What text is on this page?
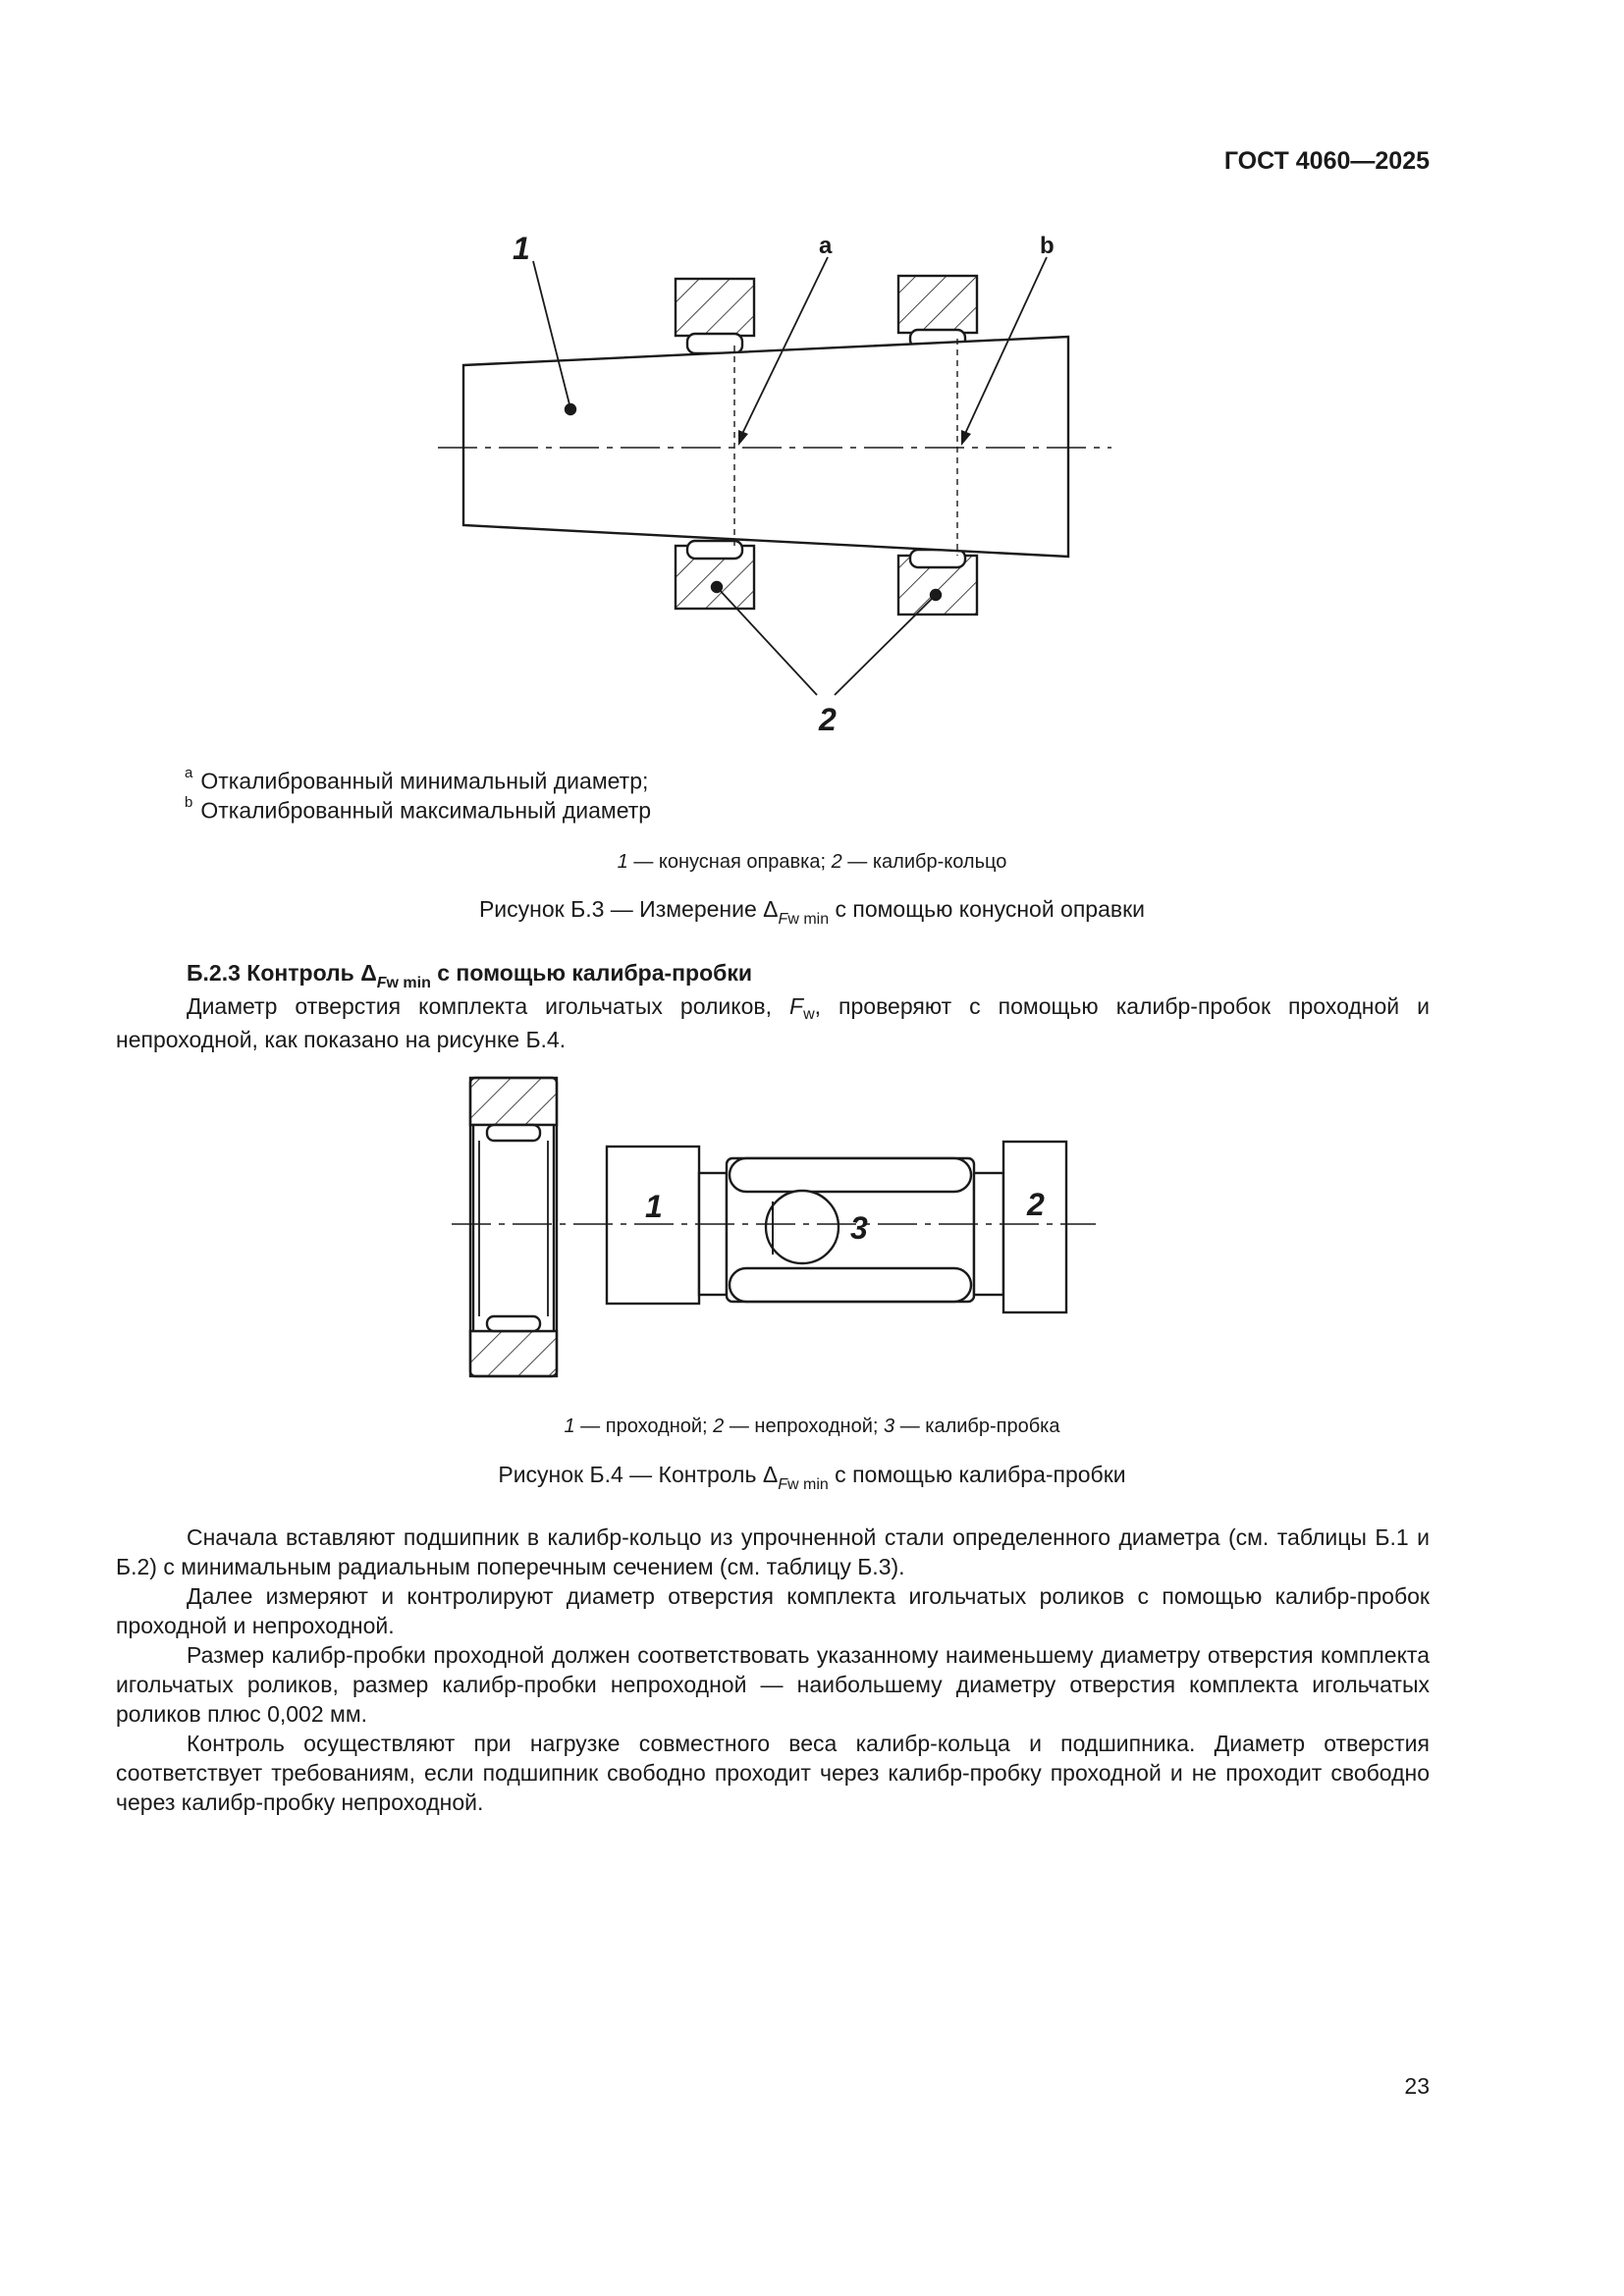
ГОСТ 4060—2025
1	a	b
2
1
3
2
$^a$ Откалиброванный минимальный диаметр;
$^b$ Откалиброванный максимальный диаметр
1 — конусная оправка; 2 — калибр-кольцо
Рисунок Б.3 — Измерение $\Delta_{Fw min}$ с помощью конусной оправки

Б.2.3 Контроль $\Delta_{Fw min}$ с помощью калибра-пробки

Диаметр отверстия комплекта игольчатых роликов, $F_w$, проверяют с помощью калибр-пробок проходной и непроходной, как показано на рисунке Б.4.

1 — проходной; 2 — непроходной; 3 — калибр-пробка
Рисунок Б.4 — Контроль $\Delta_{Fw min}$ с помощью калибра-пробки

Сначала вставляют подшипник в калибр-кольцо из упрочненной стали определенного диаметра (см. таблицы Б.1 и Б.2) с минимальным радиальным поперечным сечением (см. таблицу Б.3).

Далее измеряют и контролируют диаметр отверстия комплекта игольчатых роликов с помощью калибр-пробок проходной и непроходной.

Размер калибр-пробки проходной должен соответствовать указанному наименьшему диаметру отверстия комплекта игольчатых роликов, размер калибр-пробки непроходной — наибольшему диаметру отверстия комплекта игольчатых роликов плюс 0,002 мм.

Контроль осуществляют при нагрузке совместного веса калибр-кольца и подшипника. Диаметр отверстия соответствует требованиям, если подшипник свободно проходит через калибр-пробку проходной и не проходит свободно через калибр-пробку непроходной.

23
